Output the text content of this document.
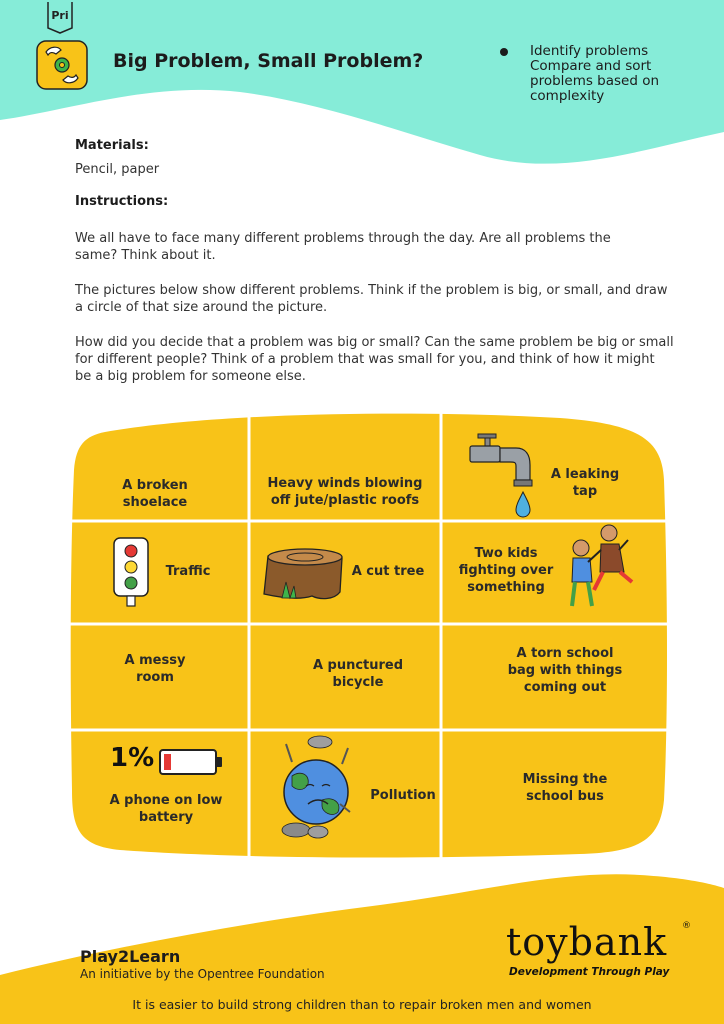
Pri
Big Problem, Small Problem?	Identify problems
Compare and sort
problems based on
complexity
Materials:
Pencil, paper
Instructions:
We all have to face many different problems through the day. Are all problems the
same? Think about it.
The pictures below show different problems. Think if the problem is big, or small, and draw
a circle of that size around the picture.
How did you decide that a problem was big or small? Can the same problem be big or small
for different people? Think of a problem that was small for you, and think of how it might
be a big problem for someone else.
A broken
shoelace
Heavy winds blowing
off jute/plastic roofs
A leaking
tap
Traffic	A cut tree
Two kids
fighting over
something
A messy
room
A punctured
bicycle
A torn school
bag with things
coming out
1%
A phone on low
battery
Pollution
Missing the
school bus
Play2Learn
An initiative by the Opentree Foundation
toybank ®
Development Through Play
It is easier to build strong children than to repair broken men and women
